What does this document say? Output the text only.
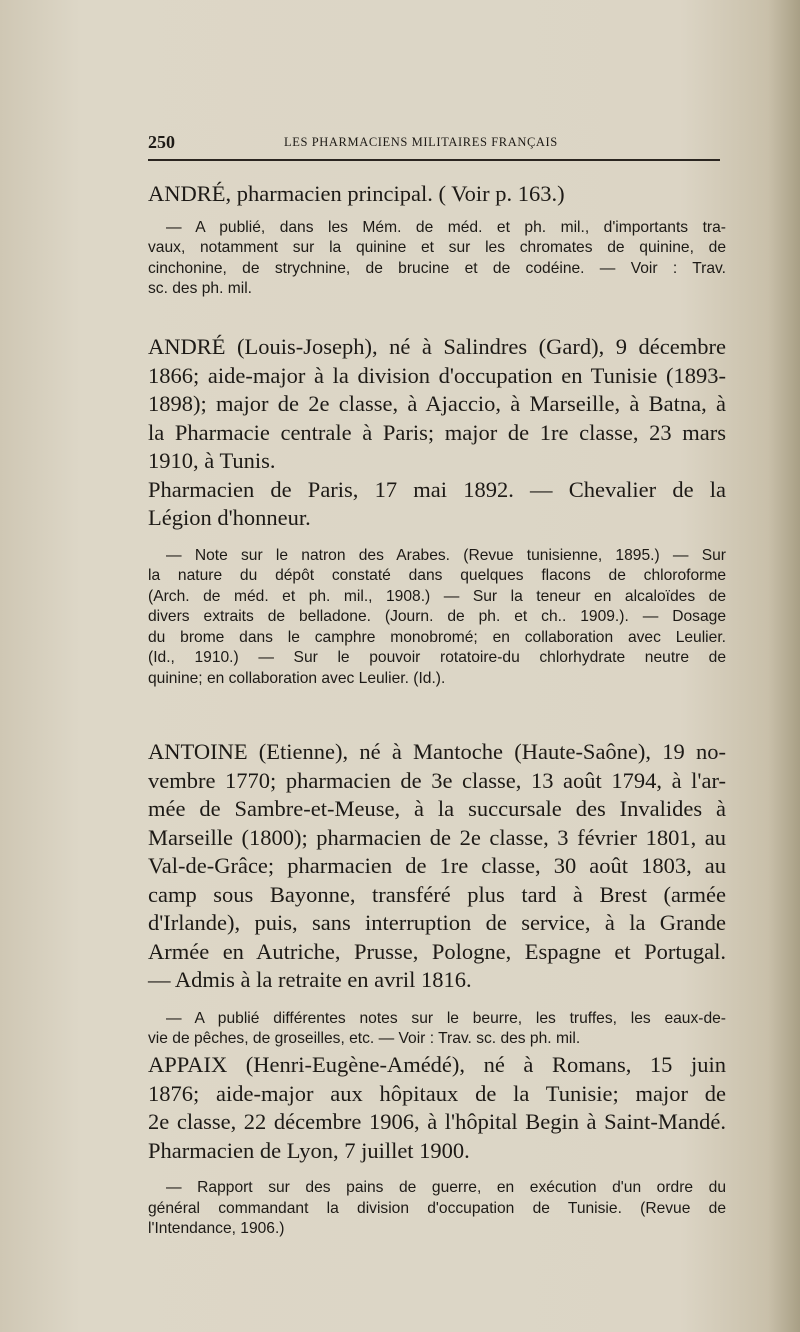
250	LES PHARMACIENS MILITAIRES FRANÇAIS
ANDRÉ, pharmacien principal. ( Voir p. 163.)
— A publié, dans les Mém. de méd. et ph. mil., d'importants tra-
vaux, notamment sur la quinine et sur les chromates de quinine, de
cinchonine, de strychnine, de brucine et de codéine. — Voir : Trav.
sc. des ph. mil.
ANDRÉ (Louis-Joseph), né à Salindres (Gard), 9 décembre
1866; aide-major à la division d'occupation en Tunisie (1893-
1898); major de 2e classe, à Ajaccio, à Marseille, à Batna, à
la Pharmacie centrale à Paris; major de 1re classe, 23 mars
1910, à Tunis.
Pharmacien de Paris, 17 mai 1892. — Chevalier de la
Légion d'honneur.
— Note sur le natron des Arabes. (Revue tunisienne, 1895.) — Sur
la nature du dépôt constaté dans quelques flacons de chloroforme
(Arch. de méd. et ph. mil., 1908.) — Sur la teneur en alcaloïdes de
divers extraits de belladone. (Journ. de ph. et ch.. 1909.). — Dosage
du brome dans le camphre monobromé; en collaboration avec Leulier.
(Id., 1910.) — Sur le pouvoir rotatoire-du chlorhydrate neutre de
quinine; en collaboration avec Leulier. (Id.).
ANTOINE (Etienne), né à Mantoche (Haute-Saône), 19 no-
vembre 1770; pharmacien de 3e classe, 13 août 1794, à l'ar-
mée de Sambre-et-Meuse, à la succursale des Invalides à
Marseille (1800); pharmacien de 2e classe, 3 février 1801, au
Val-de-Grâce; pharmacien de 1re classe, 30 août 1803, au
camp sous Bayonne, transféré plus tard à Brest (armée
d'Irlande), puis, sans interruption de service, à la Grande
Armée en Autriche, Prusse, Pologne, Espagne et Portugal.
— Admis à la retraite en avril 1816.
— A publié différentes notes sur le beurre, les truffes, les eaux-de-
vie de pêches, de groseilles, etc. — Voir : Trav. sc. des ph. mil.
APPAIX (Henri-Eugène-Amédé), né à Romans, 15 juin
1876; aide-major aux hôpitaux de la Tunisie; major de
2e classe, 22 décembre 1906, à l'hôpital Begin à Saint-Mandé.
Pharmacien de Lyon, 7 juillet 1900.
— Rapport sur des pains de guerre, en exécution d'un ordre du
général commandant la division d'occupation de Tunisie. (Revue de
l'Intendance, 1906.)
